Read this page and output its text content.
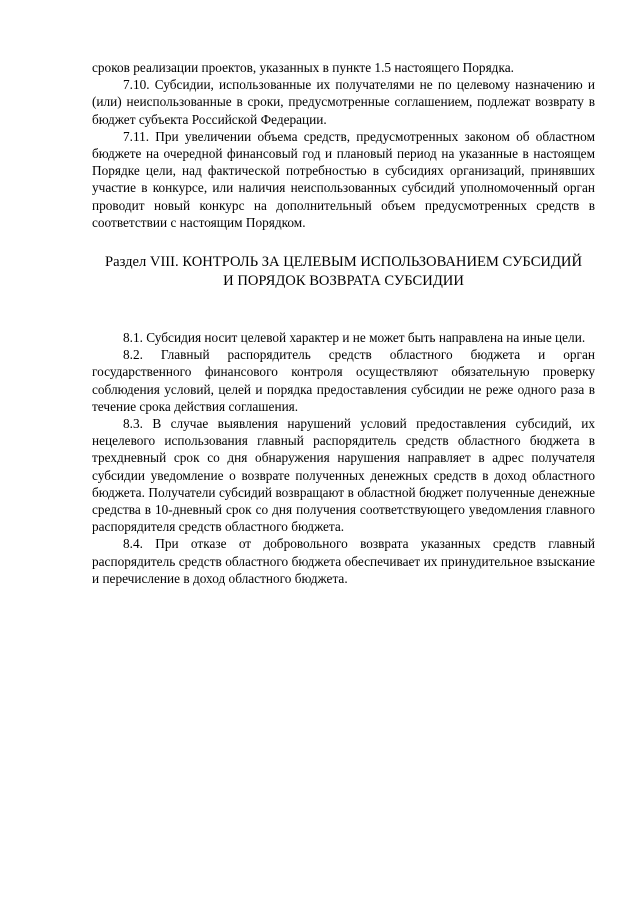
сроков реализации проектов, указанных в пункте 1.5 настоящего Порядка.

7.10. Субсидии, использованные их получателями не по целевому назначению и (или) неиспользованные в сроки, предусмотренные соглашением, подлежат возврату в бюджет субъекта Российской Федерации.

7.11. При увеличении объема средств, предусмотренных законом об областном бюджете на очередной финансовый год и плановый период на указанные в настоящем Порядке цели, над фактической потребностью в субсидиях организаций, принявших участие в конкурсе, или наличия неиспользованных субсидий уполномоченный орган проводит новый конкурс на дополнительный объем предусмотренных средств в соответствии с настоящим Порядком.

Раздел VIII. КОНТРОЛЬ ЗА ЦЕЛЕВЫМ ИСПОЛЬЗОВАНИЕМ СУБСИДИЙ
И ПОРЯДОК ВОЗВРАТА СУБСИДИИ

8.1. Субсидия носит целевой характер и не может быть направлена на иные цели.

8.2. Главный распорядитель средств областного бюджета и орган государственного финансового контроля осуществляют обязательную проверку соблюдения условий, целей и порядка предоставления субсидии не реже одного раза в течение срока действия соглашения.

8.3. В случае выявления нарушений условий предоставления субсидий, их нецелевого использования главный распорядитель средств областного бюджета в трехдневный срок со дня обнаружения нарушения направляет в адрес получателя субсидии уведомление о возврате полученных денежных средств в доход областного бюджета. Получатели субсидий возвращают в областной бюджет полученные денежные средства в 10-дневный срок со дня получения соответствующего уведомления главного распорядителя средств областного бюджета.

8.4. При отказе от добровольного возврата указанных средств главный распорядитель средств областного бюджета обеспечивает их принудительное взыскание и перечисление в доход областного бюджета.
